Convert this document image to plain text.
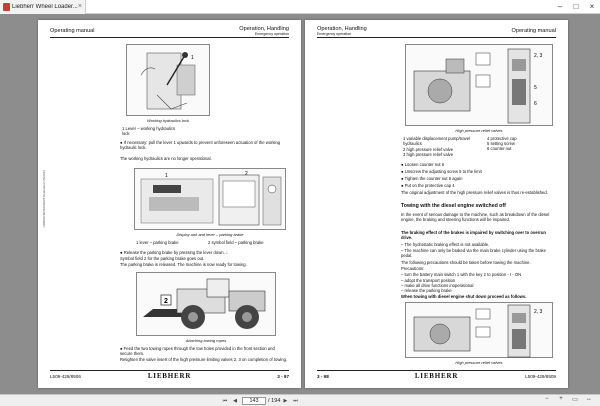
Liebherr Wheel Loader... ×	–	□	×
Operating manual	Operation, Handling
Emergency operation
LWB/02/49/5409/9026 Deklaration:06/2012
1
Working hydraulics lock
1 Lever – working hydraulics
lock
● If necessary: pull the lever 1 upwards to prevent unforeseen actuation of the working hydraulic lock.
The working hydraulics are no longer operational.
1	2
Display unit and lever – parking brake
1 lever – parking brake	2 symbol field – parking brake
● Release the parking brake by pressing the lever down. ↓
Symbol field 2 for the parking brake goes out.
The parking brake is released. The machine is now ready for towing.
2
Attaching towing ropes
● Feed the two towing ropes through the tow holes provided in the front section and secure them.
Retighten the valve insert of the high pressure limiting valves 2, 3 on completion of towing.
L509-428/8506	LIEBHERR	3 - 97
Operation, Handling
Emergency operation	Operating manual
2, 3
5
6
High pressure relief valves
1 variable displacement pump/travel hydraulics
2 high pressure relief valve
3 high pressure relief valve
4 protective cap
5 setting screw
6 counter nut
● Loosen counter nut 6
● Unscrew the adjusting screw 5 to the limit
● Tighten the counter nut 6 again
● Put on the protective cap 4
The original adjustment of the high pressure relief valves is thus re-established.
Towing with the diesel engine switched off
In the event of serious damage to the machine, such as breakdown of the diesel engine, the braking and steering functions will be impaired.
The braking effect of the brakes is impaired by switching over to overrun drive.
– The hydrostatic braking effect is not available.
– The machine can only be braked via the main brake cylinder using the brake pedal.
The following precautions should be taken before towing the machine.
Precautions:
– turn the battery main switch 1 with the key 2 to position - I - ON
– adopt the transport position
– make all drive functions inoperational
– release the parking brake
When towing with diesel engine shut down proceed as follows.
2, 3
High pressure relief valves
3 - 98	LIEBHERR	L509-429/8509
⏮	◀	143	/ 194 ▶	⏭	−	+	▭	↔
